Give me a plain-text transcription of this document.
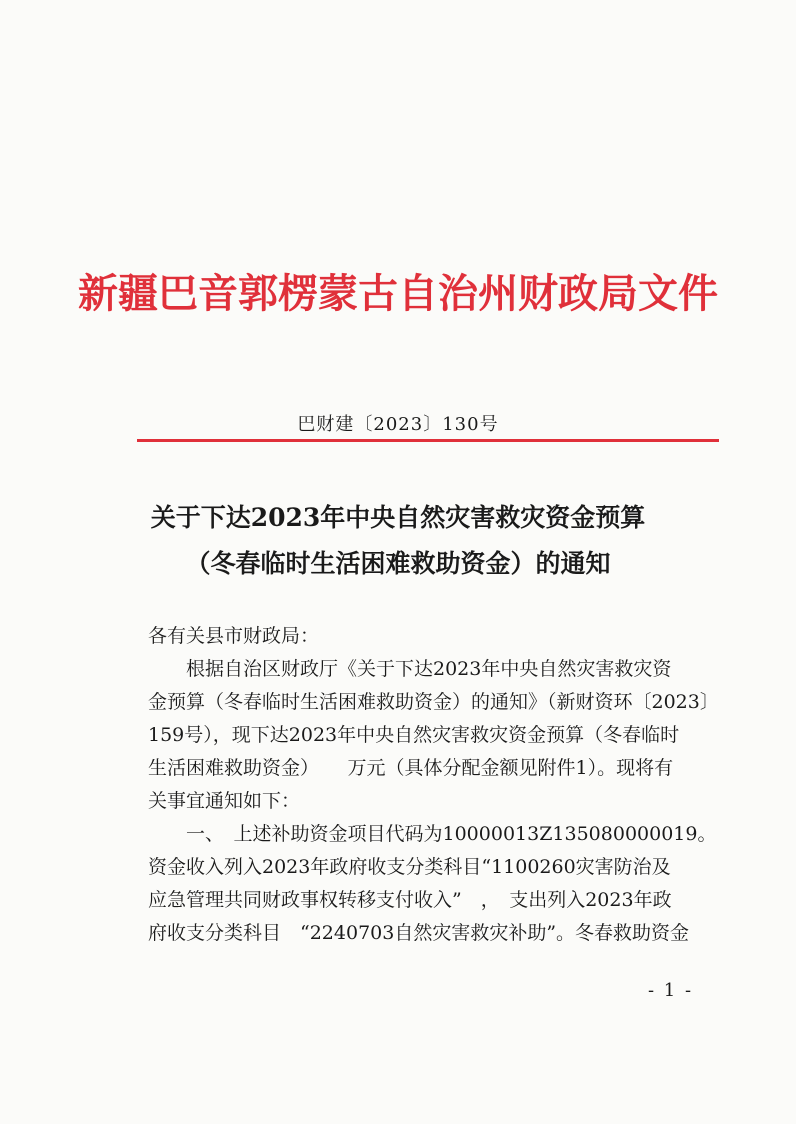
新疆巴音郭楞蒙古自治州财政局文件
巴财建〔2023〕130号
关于下达2023年中央自然灾害救灾资金预算
（冬春临时生活困难救助资金）的通知
各有关县市财政局：
　　根据自治区财政厅《关于下达2023年中央自然灾害救灾资
金预算（冬春临时生活困难救助资金）的通知》（新财资环〔2023〕
159号），现下达2023年中央自然灾害救灾资金预算（冬春临时
生活困难救助资金）　　万元（具体分配金额见附件1）。现将有
关事宜通知如下：
　　一、　上述补助资金项目代码为10000013Z135080000019。
资金收入列入2023年政府收支分类科目“1100260灾害防治及
应急管理共同财政事权转移支付收入”　，　支出列入2023年政
府收支分类科目　“2240703自然灾害救灾补助”。冬春救助资金
- 1 -
